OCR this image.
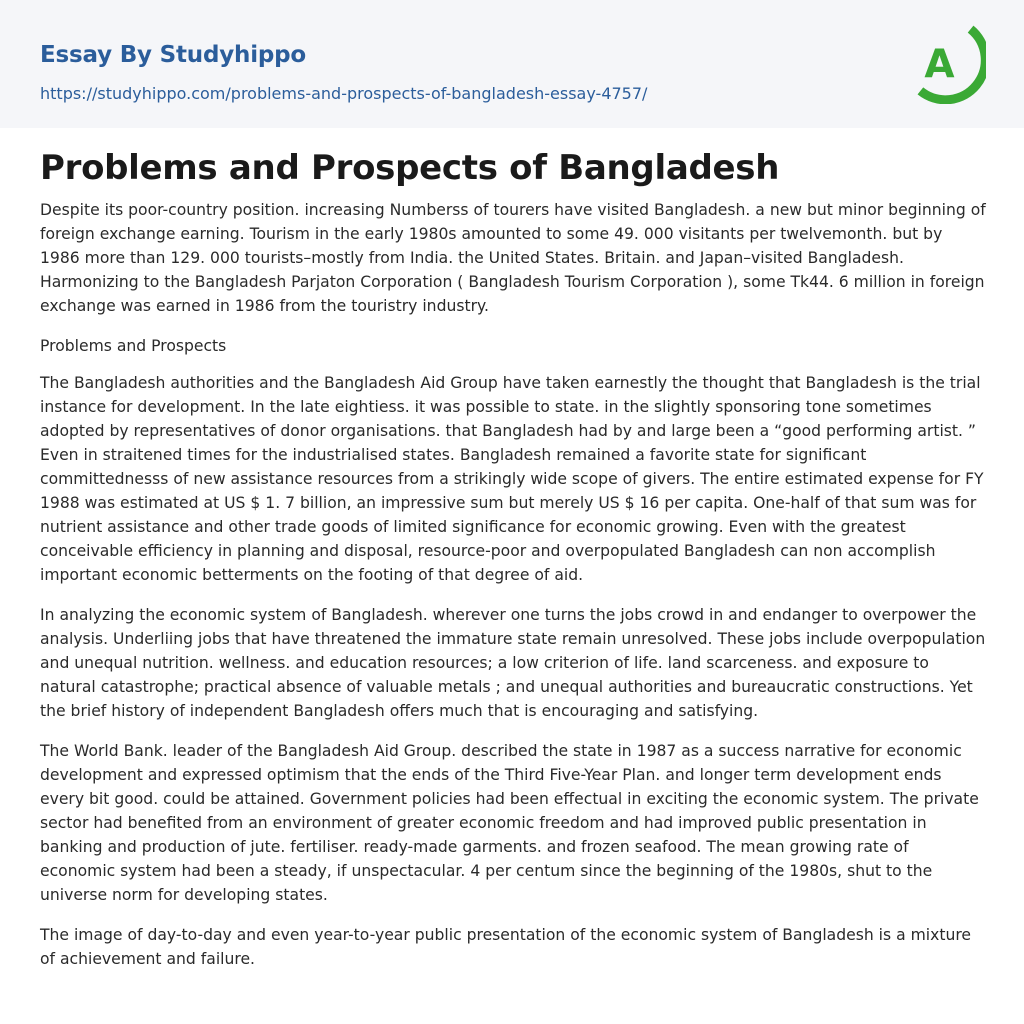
Essay By Studyhippo
https://studyhippo.com/problems-and-prospects-of-bangladesh-essay-4757/
A
Problems and Prospects of Bangladesh

Despite its poor-country position. increasing Numberss of tourers have visited Bangladesh. a new but minor beginning of foreign exchange earning. Tourism in the early 1980s amounted to some 49. 000 visitants per twelvemonth. but by 1986 more than 129. 000 tourists–mostly from India. the United States. Britain. and Japan–visited Bangladesh. Harmonizing to the Bangladesh Parjaton Corporation ( Bangladesh Tourism Corporation ), some Tk44. 6 million in foreign exchange was earned in 1986 from the touristry industry.

Problems and Prospects

The Bangladesh authorities and the Bangladesh Aid Group have taken earnestly the thought that Bangladesh is the trial instance for development. In the late eightiess. it was possible to state. in the slightly sponsoring tone sometimes adopted by representatives of donor organisations. that Bangladesh had by and large been a “good performing artist. ” Even in straitened times for the industrialised states. Bangladesh remained a favorite state for significant committednesss of new assistance resources from a strikingly wide scope of givers. The entire estimated expense for FY 1988 was estimated at US $ 1. 7 billion, an impressive sum but merely US $ 16 per capita. One-half of that sum was for nutrient assistance and other trade goods of limited significance for economic growing. Even with the greatest conceivable efficiency in planning and disposal, resource-poor and overpopulated Bangladesh can non accomplish important economic betterments on the footing of that degree of aid.

In analyzing the economic system of Bangladesh. wherever one turns the jobs crowd in and endanger to overpower the analysis. Underliing jobs that have threatened the immature state remain unresolved. These jobs include overpopulation and unequal nutrition. wellness. and education resources; a low criterion of life. land scarceness. and exposure to natural catastrophe; practical absence of valuable metals ; and unequal authorities and bureaucratic constructions. Yet the brief history of independent Bangladesh offers much that is encouraging and satisfying.

The World Bank. leader of the Bangladesh Aid Group. described the state in 1987 as a success narrative for economic development and expressed optimism that the ends of the Third Five-Year Plan. and longer term development ends every bit good. could be attained. Government policies had been effectual in exciting the economic system. The private sector had benefited from an environment of greater economic freedom and had improved public presentation in banking and production of jute. fertiliser. ready-made garments. and frozen seafood. The mean growing rate of economic system had been a steady, if unspectacular. 4 per centum since the beginning of the 1980s, shut to the universe norm for developing states.

The image of day-to-day and even year-to-year public presentation of the economic system of Bangladesh is a mixture of achievement and failure.
